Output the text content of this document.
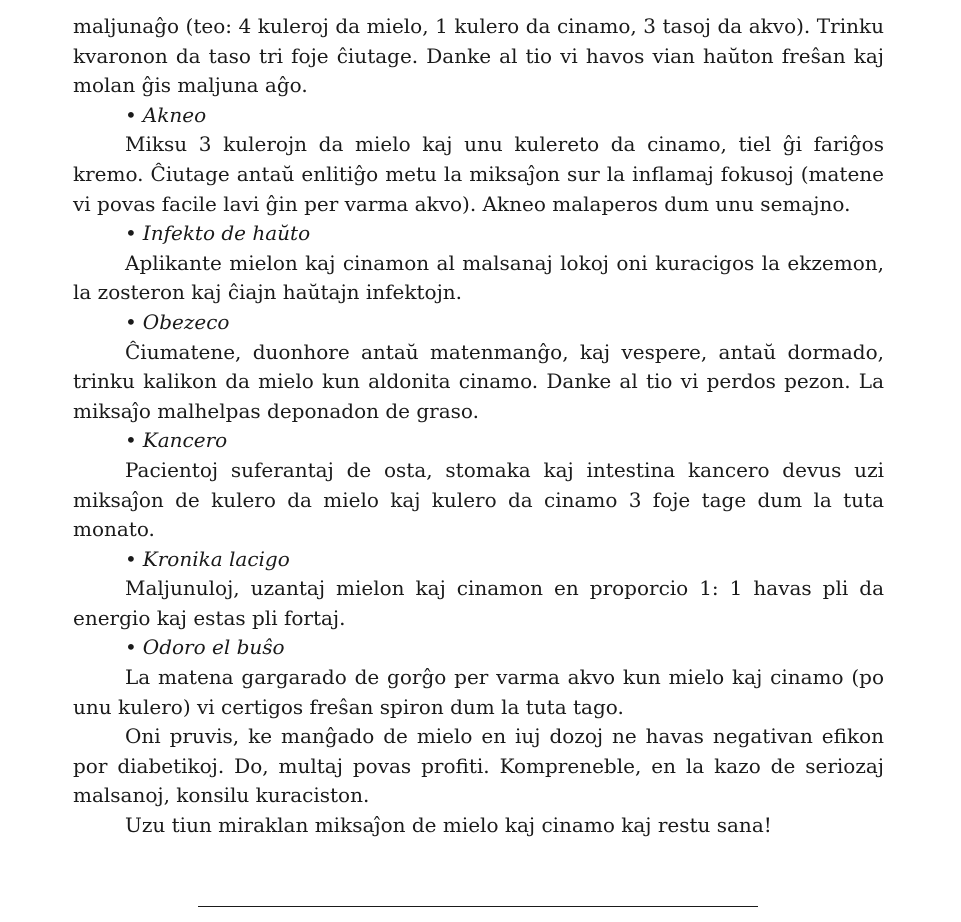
maljunaĝo (teo: 4 kuleroj da mielo, 1 kulero da cinamo, 3 tasoj da akvo). Trinku kvaronon da taso tri foje ĉiutage. Danke al tio vi havos vian haŭton freŝan kaj molan ĝis maljuna aĝo.

• Akneo

Miksu 3 kulerojn da mielo kaj unu kulereto da cinamo, tiel ĝi fariĝos kremo. Ĉiutage antaŭ enlitiĝo metu la miksaĵon sur la inflamaj fokusoj (matene vi povas facile lavi ĝin per varma akvo). Akneo malaperos dum unu semajno.

• Infekto de haŭto

Aplikante mielon kaj cinamon al malsanaj lokoj oni kuracigos la ekzemon, la zosteron kaj ĉiajn haŭtajn infektojn.

• Obezeco

Ĉiumatene, duonhore antaŭ matenmanĝo, kaj vespere, antaŭ dormado, trinku kalikon da mielo kun aldonita cinamo. Danke al tio vi perdos pezon. La miksaĵo malhelpas deponadon de graso.

• Kancero

Pacientoj suferantaj de osta, stomaka kaj intestina kancero devus uzi miksaĵon de kulero da mielo kaj kulero da cinamo 3 foje tage dum la tuta monato.

• Kronika lacigo

Maljunuloj, uzantaj mielon kaj cinamon en proporcio 1: 1 havas pli da energio kaj estas pli fortaj.

• Odoro el buŝo

La matena gargarado de gorĝo per varma akvo kun mielo kaj cinamo (po unu kulero) vi certigos freŝan spiron dum la tuta tago.

Oni pruvis, ke manĝado de mielo en iuj dozoj ne havas negativan efikon por diabetikoj. Do, multaj povas profiti. Kompreneble, en la kazo de seriozaj malsanoj, konsilu kuraciston.

Uzu tiun miraklan miksaĵon de mielo kaj cinamo kaj restu sana!
